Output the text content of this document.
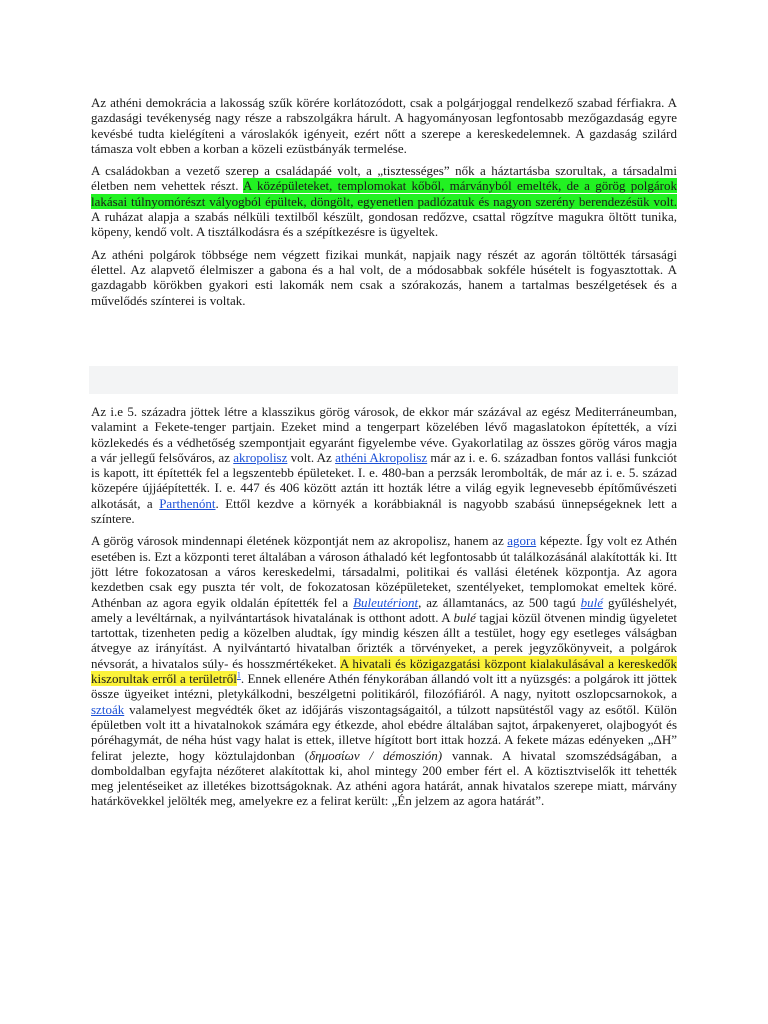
Az athéni demokrácia a lakosság szűk körére korlátozódott, csak a polgárjoggal rendelkező szabad férfiakra. A gazdasági tevékenység nagy része a rabszolgákra hárult. A hagyományosan legfontosabb mezőgazdaság egyre kevésbé tudta kielégíteni a városlakók igényeit, ezért nőtt a szerepe a kereskedelemnek. A gazdaság szilárd támasza volt ebben a korban a közeli ezüstbányák termelése.

A családokban a vezető szerep a családapáé volt, a „tisztességes” nők a háztartásba szorultak, a társadalmi életben nem vehettek részt. A középületeket, templomokat kőből, márványból emelték, de a görög polgárok lakásai túlnyomórészt vályogból épültek, döngölt, egyenetlen padlózatuk és nagyon szerény berendezésük volt. A ruházat alapja a szabás nélküli textilből készült, gondosan redőzve, csattal rögzítve magukra öltött tunika, köpeny, kendő volt. A tisztálkodásra és a szépítkezésre is ügyeltek.

Az athéni polgárok többsége nem végzett fizikai munkát, napjaik nagy részét az agorán töltötték társasági élettel. Az alapvető élelmiszer a gabona és a hal volt, de a módosabbak sokféle húsételt is fogyasztottak. A gazdagabb körökben gyakori esti lakomák nem csak a szórakozás, hanem a tartalmas beszélgetések és a művelődés színterei is voltak.

Az i.e 5. századra jöttek létre a klasszikus görög városok, de ekkor már százával az egész Mediterráneumban, valamint a Fekete-tenger partjain. Ezeket mind a tengerpart közelében lévő magaslatokon építették, a vízi közlekedés és a védhetőség szempontjait egyaránt figyelembe véve. Gyakorlatilag az összes görög város magja a vár jellegű felsőváros, az akropolisz volt. Az athéni Akropolisz már az i. e. 6. században fontos vallási funkciót is kapott, itt építették fel a legszentebb épületeket. I. e. 480-ban a perzsák lerombolták, de már az i. e. 5. század közepére újjáépítették. I. e. 447 és 406 között aztán itt hozták létre a világ egyik legnevesebb építőművészeti alkotását, a Parthenónt. Ettől kezdve a környék a korábbiaknál is nagyobb szabású ünnepségeknek lett a színtere.

A görög városok mindennapi életének központját nem az akropolisz, hanem az agora képezte. Így volt ez Athén esetében is. Ezt a központi teret általában a városon áthaladó két legfontosabb út találkozásánál alakították ki. Itt jött létre fokozatosan a város kereskedelmi, társadalmi, politikai és vallási életének központja. Az agora kezdetben csak egy puszta tér volt, de fokozatosan középületeket, szentélyeket, templomokat emeltek köré. Athénban az agora egyik oldalán építették fel a Buleutériont, az államtanács, az 500 tagú bulé gyűléshelyét, amely a levéltárnak, a nyilvántartások hivatalának is otthont adott. A bulé tagjai közül ötvenen mindig ügyeletet tartottak, tizenheten pedig a közelben aludtak, így mindig készen állt a testület, hogy egy esetleges válságban átvegye az irányítást. A nyilvántartó hivatalban őrizték a törvényeket, a perek jegyzőkönyveit, a polgárok névsorát, a hivatalos súly- és hosszmértékeket. A hivatali és közigazgatási központ kialakulásával a kereskedők kiszorultak erről a területről$^1$. Ennek ellenére Athén fénykorában állandó volt itt a nyüzsgés: a polgárok itt jöttek össze ügyeiket intézni, pletykálkodni, beszélgetni politikáról, filozófiáról. A nagy, nyitott oszlopcsarnokok, a sztoák valamelyest megvédték őket az időjárás viszontagságaitól, a túlzott napsütéstől vagy az esőtől. Külön épületben volt itt a hivatalnokok számára egy étkezde, ahol ebédre általában sajtot, árpakenyeret, olajbogyót és póréhagymát, de néha húst vagy halat is ettek, illetve hígított bort ittak hozzá. A fekete mázas edényeken „ΔH” felirat jelezte, hogy köztulajdonban (δημοσίων / démoszión) vannak. A hivatal szomszédságában, a domboldalban egyfajta nézőteret alakítottak ki, ahol mintegy 200 ember fért el. A köztisztviselők itt tehették meg jelentéseiket az illetékes bizottságoknak. Az athéni agora határát, annak hivatalos szerepe miatt, márvány határkövekkel jelölték meg, amelyekre ez a felirat került: „Én jelzem az agora határát”.
